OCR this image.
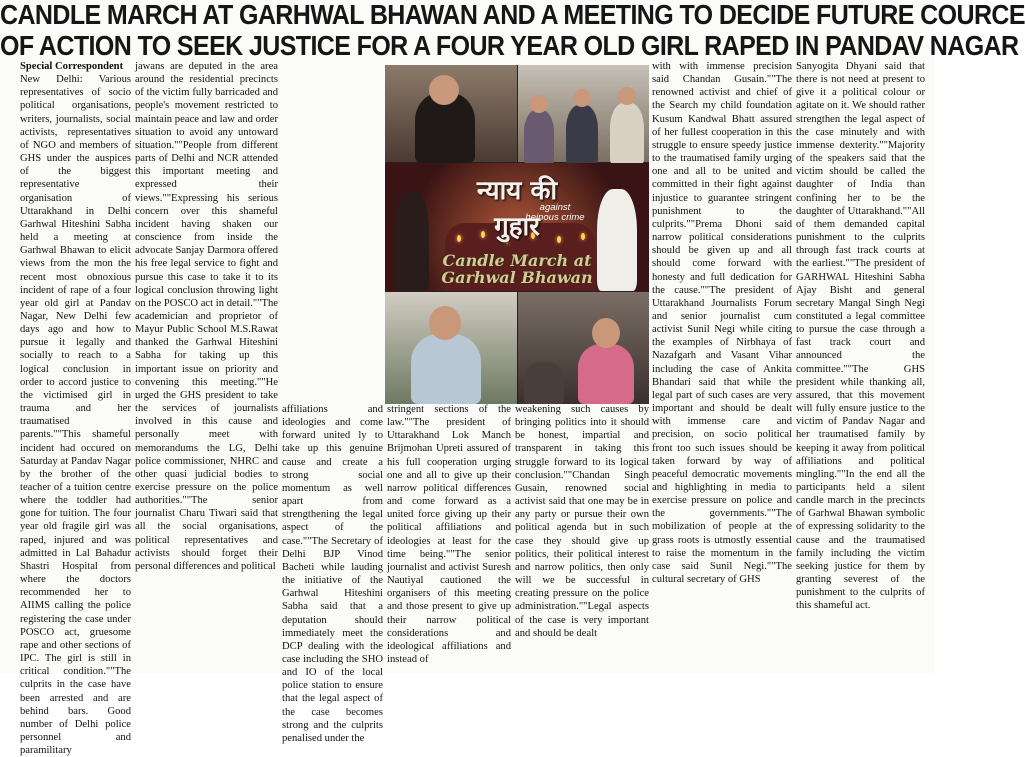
CANDLE MARCH AT GARHWAL BHAWAN AND A MEETING TO DECIDE FUTURE COURCE
OF ACTION TO SEEK JUSTICE FOR A FOUR YEAR OLD GIRL RAPED IN PANDAV NAGAR

Special Correspondent

New Delhi: Various representatives of socio political organisations, writers, journalists, social activists, representatives of NGO and members of GHS under the auspices of the biggest representative organisation of Uttarakhand in Delhi Garhwal Hiteshini Sabha held a meeting at Garhwal Bhawan to elicit views from the mon the recent most obnoxious incident of rape of a four year old girl at Pandav Nagar, New Delhi few days ago and how to pursue it legally and socially to reach to a logical conclusion in order to accord justice to the victimised girl in trauma and her traumatised parents.""This shameful incident had occured on Saturday at Pandav Nagar by the brother of the teacher of a tuition centre where the toddler had gone for tuition. The four year old fragile girl was raped, injured and was admitted in Lal Bahadur Shastri Hospital from where the doctors recommended her to AIIMS calling the police registering the case under POSCO act, gruesome rape and other sections of IPC. The girl is still in critical condition.""The culprits in the case have been arrested and are behind bars. Good number of Delhi police personnel and paramilitary

jawans are deputed in the area around the residential precincts of the victim fully barricaded and people's movement restricted to maintain peace and law and order situation to avoid any untoward situation.""People from different parts of Delhi and NCR attended this important meeting and expressed their views.""Expressing his serious concern over this shameful incident having shaken our conscience from inside the advocate Sanjay Darmora offered his free legal service to fight and pursue this case to take it to its logical conclusion throwing light on the POSCO act in detail.""The academician and proprietor of Mayur Public School M.S.Rawat thanked the Garhwal Hiteshini Sabha for taking up this important issue on priority and convening this meeting.""He urged the GHS president to take the services of journalists involved in this cause and personally meet with memorandums the LG, Delhi police commissioner, NHRC and other quasi judicial bodies to exercise pressure on the police authorities.""The senior journalist Charu Tiwari said that all the social organisations, political representatives and activists should forget their personal differences and political

न्याय की गुहार
against heinous crime
Candle March at
Garhwal Bhawan

affiliations and ideologies and come forward united ly to take up this genuine cause and create a strong social momentum as well apart from strengthening the legal aspect of the case.""The Secretary of Delhi BJP Vinod Bacheti while lauding the initiative of the Garhwal Hiteshini Sabha said that a deputation should immediately meet the DCP dealing with the case including the SHO and IO of the local police station to ensure that the legal aspect of the case becomes strong and the culprits penalised under the

stringent sections of the law.""The president of Uttarakhand Lok Manch Brijmohan Upreti assured of his full cooperation urging one and all to give up their narrow political differences and come forward as a united force giving up their political affiliations and ideologies at least for the time being.""The senior journalist and activist Suresh Nautiyal cautioned the organisers of this meeting and those present to give up their narrow political considerations and ideological affiliations and instead of

weakening such causes by bringing politics into it should be honest, impartial and transparent in taking this struggle forward to its logical conclusion.""Chandan Singh Gusain, renowned social activist said that one may be in any party or pursue their own political agenda but in such case they should give up politics, their political interest and narrow politics, then only will we be successful in creating pressure on the police administration.""Legal aspects of the case is very important and should be dealt

with with immense precision said Chandan Gusain.""The renowned activist and chief of the Search my child foundation Kusum Kandwal Bhatt assured of her fullest cooperation in this struggle to ensure speedy justice to the traumatised family urging one and all to be united and committed in their fight against injustice to guarantee stringent punishment to the culprits.""Prema Dhoni said narrow political considerations should be given up and all should come forward with honesty and full dedication for the cause.""The president of Uttarakhand Journalists Forum and senior journalist cum activist Sunil Negi while citing the examples of Nirbhaya of Nazafgarh and Vasant Vihar including the case of Ankita Bhandari said that while the legal part of such cases are very important and should be dealt with immense care and precision, on socio political front too such issues should be taken forward by way of peaceful democratic movements and highlighting in media to exercise pressure on police and the governments.""The mobilization of people at the grass roots is utmostly essential to raise the momentum in the case said Sunil Negi.""The cultural secretary of GHS

Sanyogita Dhyani said that there is not need at present to give it a political colour or agitate on it. We should rather strengthen the legal aspect of the case minutely and with immense dexterity.""Majority of the speakers said that the victim should be called the daughter of India than confining her to be the daughter of Uttarakhand.""All of them demanded capital punishment to the culprits through fast track courts at the earliest.""The president of GARHWAL Hiteshini Sabha Ajay Bisht and general secretary Mangal Singh Negi constituted a legal committee to pursue the case through a fast track court and announced the committee.""The GHS president while thanking all, assured, that this movement will fully ensure justice to the victim of Pandav Nagar and her traumatised family by keeping it away from political affiliations and political mingling.""In the end all the participants held a silent candle march in the precincts of Garhwal Bhawan symbolic of expressing solidarity to the cause and the traumatised family including the victim seeking justice for them by granting severest of the punishment to the culprits of this shameful act.
